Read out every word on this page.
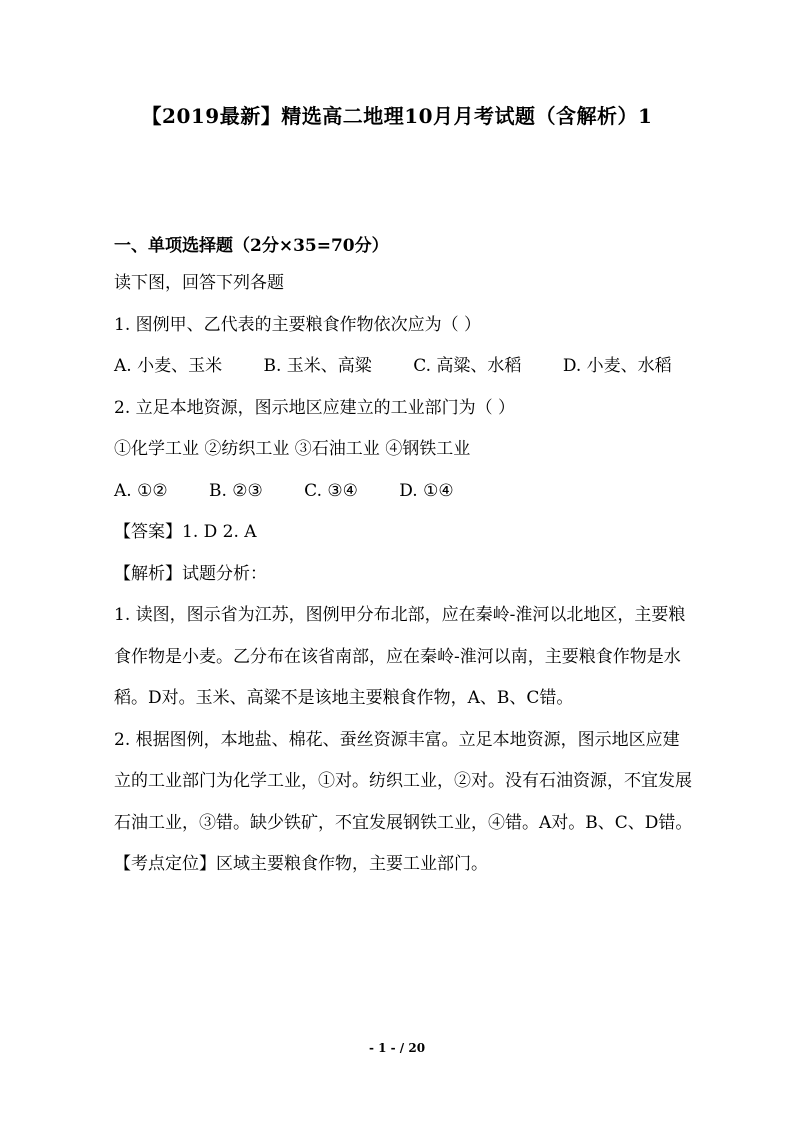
【2019最新】精选高二地理10月月考试题（含解析）1
一、单项选择题（2分×35=70分）
读下图，回答下列各题
1. 图例甲、乙代表的主要粮食作物依次应为（ ）
A. 小麦、玉米 B. 玉米、高粱 C. 高粱、水稻 D. 小麦、水稻
2. 立足本地资源，图示地区应建立的工业部门为（ ）
①化学工业 ②纺织工业 ③石油工业 ④钢铁工业
A. ①② B. ②③ C. ③④ D. ①④
【答案】1. D 2. A
【解析】试题分析：
1. 读图，图示省为江苏，图例甲分布北部，应在秦岭-淮河以北地区，主要粮食作物是小麦。乙分布在该省南部，应在秦岭-淮河以南，主要粮食作物是水稻。D对。玉米、高粱不是该地主要粮食作物，A、B、C错。
2. 根据图例，本地盐、棉花、蚕丝资源丰富。立足本地资源，图示地区应建立的工业部门为化学工业，①对。纺织工业，②对。没有石油资源，不宜发展石油工业，③错。缺少铁矿，不宜发展钢铁工业，④错。A对。B、C、D错。
【考点定位】区域主要粮食作物，主要工业部门。
- 1 - / 20
